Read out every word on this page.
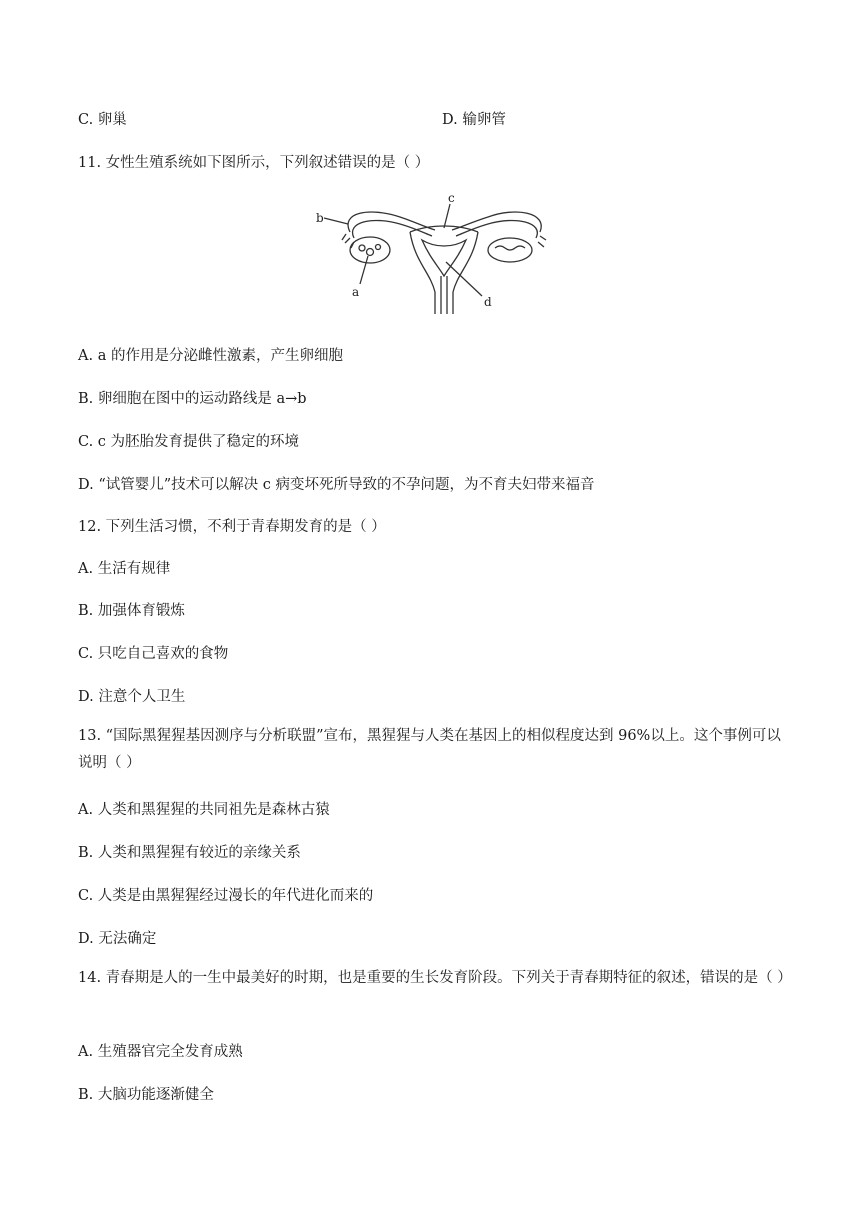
C. 卵巢	D. 输卵管
11. 女性生殖系统如下图所示，下列叙述错误的是（ ）
b
c
a
d
A. a 的作用是分泌雌性激素，产生卵细胞
B. 卵细胞在图中的运动路线是 a→b
C. c 为胚胎发育提供了稳定的环境
D. “试管婴儿”技术可以解决 c 病变坏死所导致的不孕问题，为不育夫妇带来福音
12. 下列生活习惯，不利于青春期发育的是（ ）
A. 生活有规律
B. 加强体育锻炼
C. 只吃自己喜欢的食物
D. 注意个人卫生
13. “国际黑猩猩基因测序与分析联盟”宣布，黑猩猩与人类在基因上的相似程度达到 96%以上。这个事例可以说明（ ）
A. 人类和黑猩猩的共同祖先是森林古猿
B. 人类和黑猩猩有较近的亲缘关系
C. 人类是由黑猩猩经过漫长的年代进化而来的
D. 无法确定
14. 青春期是人的一生中最美好的时期，也是重要的生长发育阶段。下列关于青春期特征的叙述，错误的是（ ）
A. 生殖器官完全发育成熟
B. 大脑功能逐渐健全
